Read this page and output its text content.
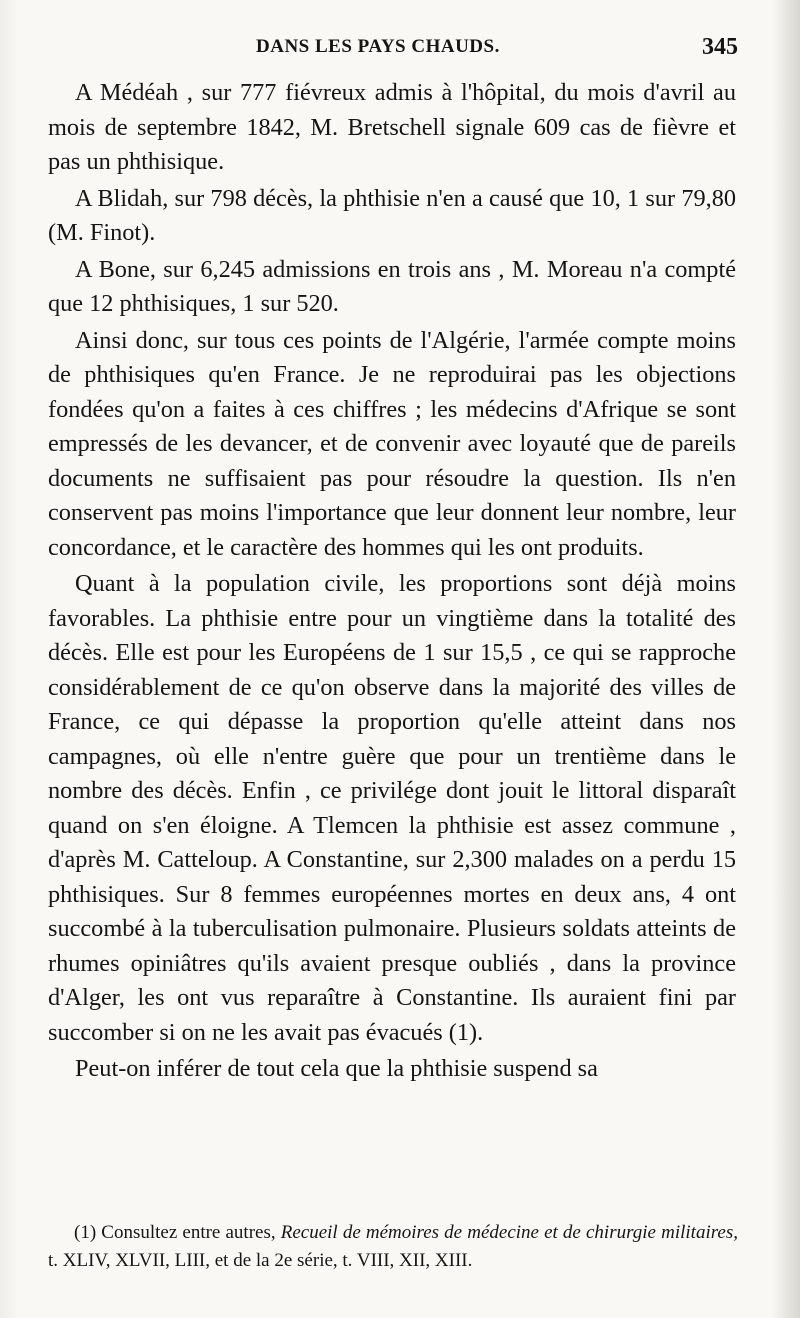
DANS LES PAYS CHAUDS.	345

A Médéah , sur 777 fiévreux admis à l'hôpital, du mois d'avril au mois de septembre 1842, M. Bretschell signale 609 cas de fièvre et pas un phthisique.

A Blidah, sur 798 décès, la phthisie n'en a causé que 10, 1 sur 79,80 (M. Finot).

A Bone, sur 6,245 admissions en trois ans , M. Moreau n'a compté que 12 phthisiques, 1 sur 520.

Ainsi donc, sur tous ces points de l'Algérie, l'armée compte moins de phthisiques qu'en France. Je ne reproduirai pas les objections fondées qu'on a faites à ces chiffres ; les médecins d'Afrique se sont empressés de les devancer, et de convenir avec loyauté que de pareils documents ne suffisaient pas pour résoudre la question. Ils n'en conservent pas moins l'importance que leur donnent leur nombre, leur concordance, et le caractère des hommes qui les ont produits.

Quant à la population civile, les proportions sont déjà moins favorables. La phthisie entre pour un vingtième dans la totalité des décès. Elle est pour les Européens de 1 sur 15,5 , ce qui se rapproche considérablement de ce qu'on observe dans la majorité des villes de France, ce qui dépasse la proportion qu'elle atteint dans nos campagnes, où elle n'entre guère que pour un trentième dans le nombre des décès. Enfin , ce privilége dont jouit le littoral disparaît quand on s'en éloigne. A Tlemcen la phthisie est assez commune , d'après M. Catteloup. A Constantine, sur 2,300 malades on a perdu 15 phthisiques. Sur 8 femmes européennes mortes en deux ans, 4 ont succombé à la tuberculisation pulmonaire. Plusieurs soldats atteints de rhumes opiniâtres qu'ils avaient presque oubliés , dans la province d'Alger, les ont vus reparaître à Constantine. Ils auraient fini par succomber si on ne les avait pas évacués (1).

Peut-on inférer de tout cela que la phthisie suspend sa

(1) Consultez entre autres, Recueil de mémoires de médecine et de chirurgie militaires, t. XLIV, XLVII, LIII, et de la 2e série, t. VIII, XII, XIII.
